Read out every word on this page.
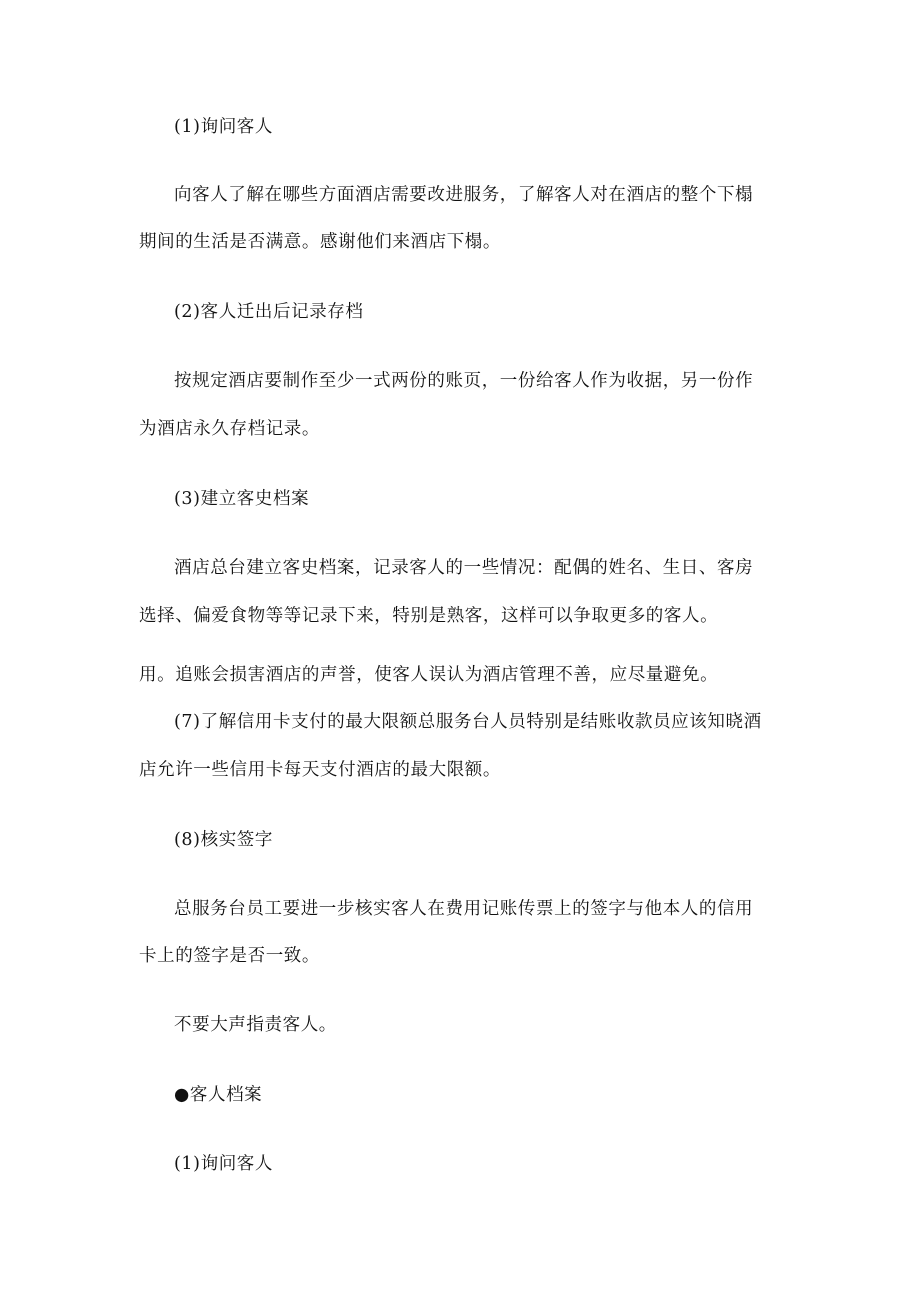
(1)询问客人
向客人了解在哪些方面酒店需要改进服务，了解客人对在酒店的整个下榻
期间的生活是否满意。感谢他们来酒店下榻。
(2)客人迁出后记录存档
按规定酒店要制作至少一式两份的账页，一份给客人作为收据，另一份作
为酒店永久存档记录。
(3)建立客史档案
酒店总台建立客史档案，记录客人的一些情况：配偶的姓名、生日、客房
选择、偏爱食物等等记录下来，特别是熟客，这样可以争取更多的客人。
用。追账会损害酒店的声誉，使客人误认为酒店管理不善，应尽量避免。
(7)了解信用卡支付的最大限额总服务台人员特别是结账收款员应该知晓酒
店允许一些信用卡每天支付酒店的最大限额。
(8)核实签字
总服务台员工要进一步核实客人在费用记账传票上的签字与他本人的信用
卡上的签字是否一致。
不要大声指责客人。
●客人档案
(1)询问客人
